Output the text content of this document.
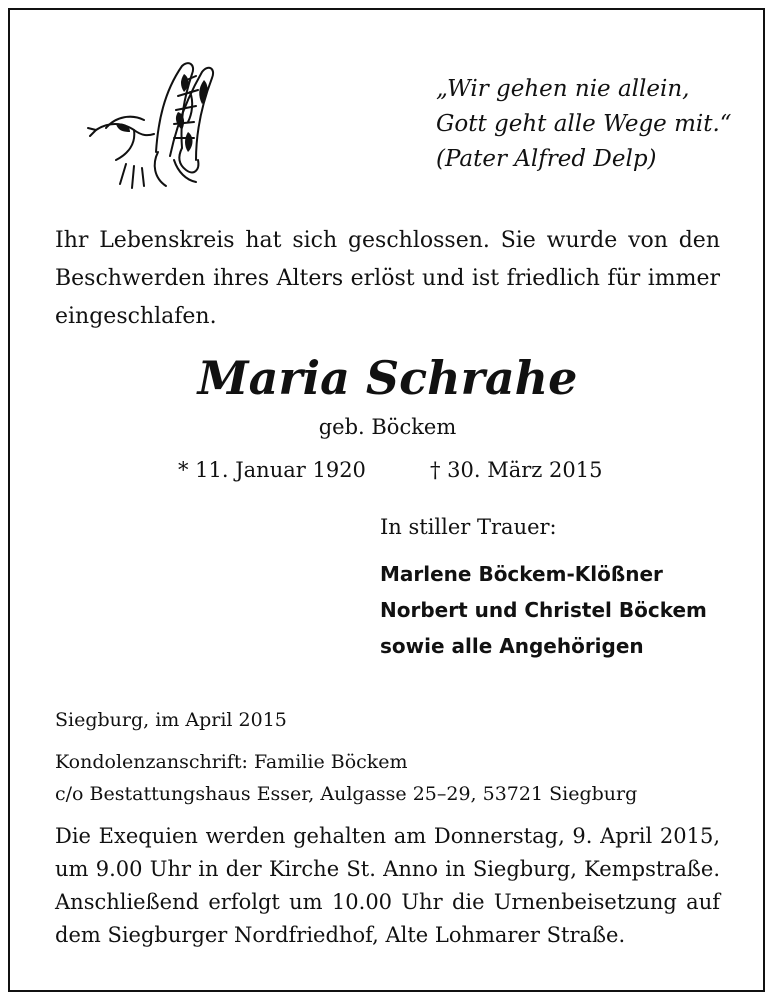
„Wir gehen nie allein,
Gott geht alle Wege mit.“
(Pater Alfred Delp)
Ihr Lebenskreis hat sich geschlossen. Sie wurde von den Beschwerden ihres Alters erlöst und ist friedlich für immer eingeschlafen.
Maria Schrahe
geb. Böckem
* 11. Januar 1920	† 30. März 2015
In stiller Trauer:
Marlene Böckem-Klößner
Norbert und Christel Böckem
sowie alle Angehörigen
Siegburg, im April 2015
Kondolenzanschrift: Familie Böckem
c/o Bestattungshaus Esser, Aulgasse 25–29, 53721 Siegburg
Die Exequien werden gehalten am Donnerstag, 9. April 2015, um 9.00 Uhr in der Kirche St. Anno in Siegburg, Kempstraße. Anschließend erfolgt um 10.00 Uhr die Urnenbeisetzung auf dem Siegburger Nordfriedhof, Alte Lohmarer Straße.
